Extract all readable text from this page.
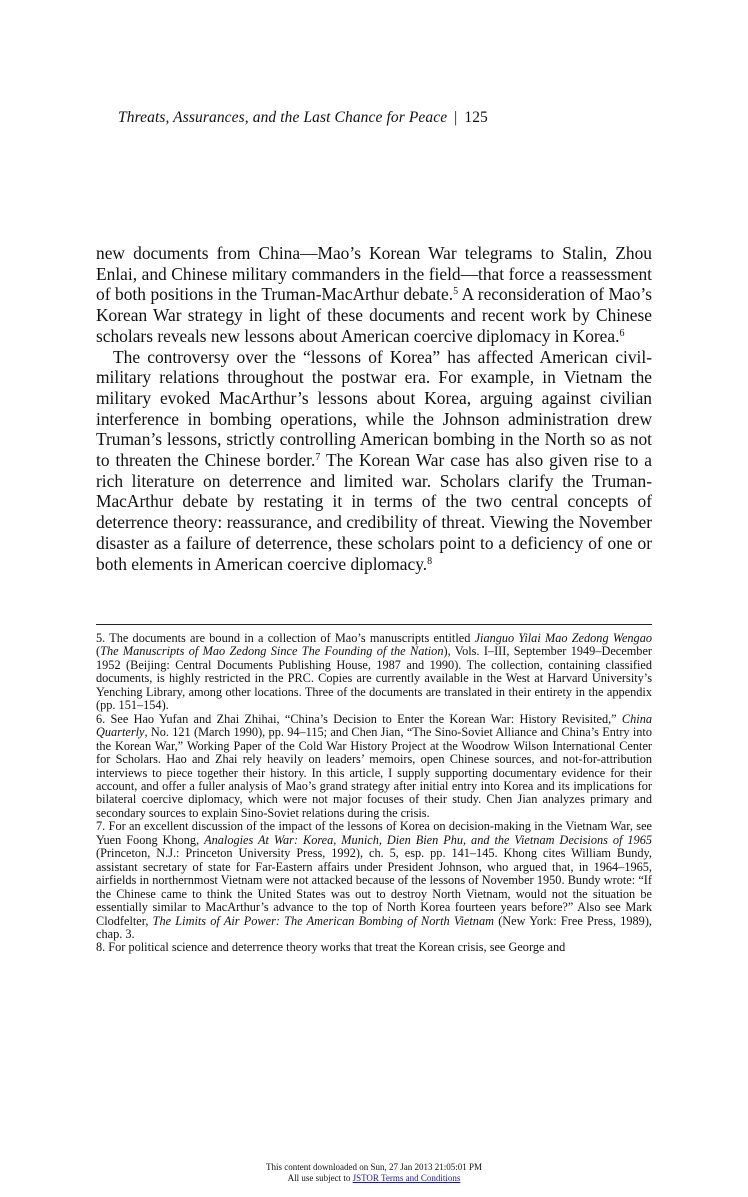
Threats, Assurances, and the Last Chance for Peace | 125

new documents from China—Mao’s Korean War telegrams to Stalin, Zhou Enlai, and Chinese military commanders in the field—that force a reassessment of both positions in the Truman-MacArthur debate.$^5$ A reconsideration of Mao’s Korean War strategy in light of these documents and recent work by Chinese scholars reveals new lessons about American coercive diplomacy in Korea.$^6$

The controversy over the “lessons of Korea” has affected American civil-military relations throughout the postwar era. For example, in Vietnam the military evoked MacArthur’s lessons about Korea, arguing against civilian interference in bombing operations, while the Johnson administration drew Truman’s lessons, strictly controlling American bombing in the North so as not to threaten the Chinese border.$^7$ The Korean War case has also given rise to a rich literature on deterrence and limited war. Scholars clarify the Truman-MacArthur debate by restating it in terms of the two central concepts of deterrence theory: reassurance, and credibility of threat. Viewing the November disaster as a failure of deterrence, these scholars point to a deficiency of one or both elements in American coercive diplomacy.$^8$

5. The documents are bound in a collection of Mao’s manuscripts entitled Jianguo Yilai Mao Zedong Wengao (The Manuscripts of Mao Zedong Since The Founding of the Nation), Vols. I–III, September 1949–December 1952 (Beijing: Central Documents Publishing House, 1987 and 1990). The collection, containing classified documents, is highly restricted in the PRC. Copies are currently available in the West at Harvard University’s Yenching Library, among other locations. Three of the documents are translated in their entirety in the appendix (pp. 151–154).

6. See Hao Yufan and Zhai Zhihai, “China’s Decision to Enter the Korean War: History Revisited,” China Quarterly, No. 121 (March 1990), pp. 94–115; and Chen Jian, “The Sino-Soviet Alliance and China’s Entry into the Korean War,” Working Paper of the Cold War History Project at the Woodrow Wilson International Center for Scholars. Hao and Zhai rely heavily on leaders’ memoirs, open Chinese sources, and not-for-attribution interviews to piece together their history. In this article, I supply supporting documentary evidence for their account, and offer a fuller analysis of Mao’s grand strategy after initial entry into Korea and its implications for bilateral coercive diplomacy, which were not major focuses of their study. Chen Jian analyzes primary and secondary sources to explain Sino-Soviet relations during the crisis.

7. For an excellent discussion of the impact of the lessons of Korea on decision-making in the Vietnam War, see Yuen Foong Khong, Analogies At War: Korea, Munich, Dien Bien Phu, and the Vietnam Decisions of 1965 (Princeton, N.J.: Princeton University Press, 1992), ch. 5, esp. pp. 141–145. Khong cites William Bundy, assistant secretary of state for Far-Eastern affairs under President Johnson, who argued that, in 1964–1965, airfields in northernmost Vietnam were not attacked because of the lessons of November 1950. Bundy wrote: “If the Chinese came to think the United States was out to destroy North Vietnam, would not the situation be essentially similar to MacArthur’s advance to the top of North Korea fourteen years before?” Also see Mark Clodfelter, The Limits of Air Power: The American Bombing of North Vietnam (New York: Free Press, 1989), chap. 3.

8. For political science and deterrence theory works that treat the Korean crisis, see George and

This content downloaded on Sun, 27 Jan 2013 21:05:01 PM
All use subject to JSTOR Terms and Conditions
